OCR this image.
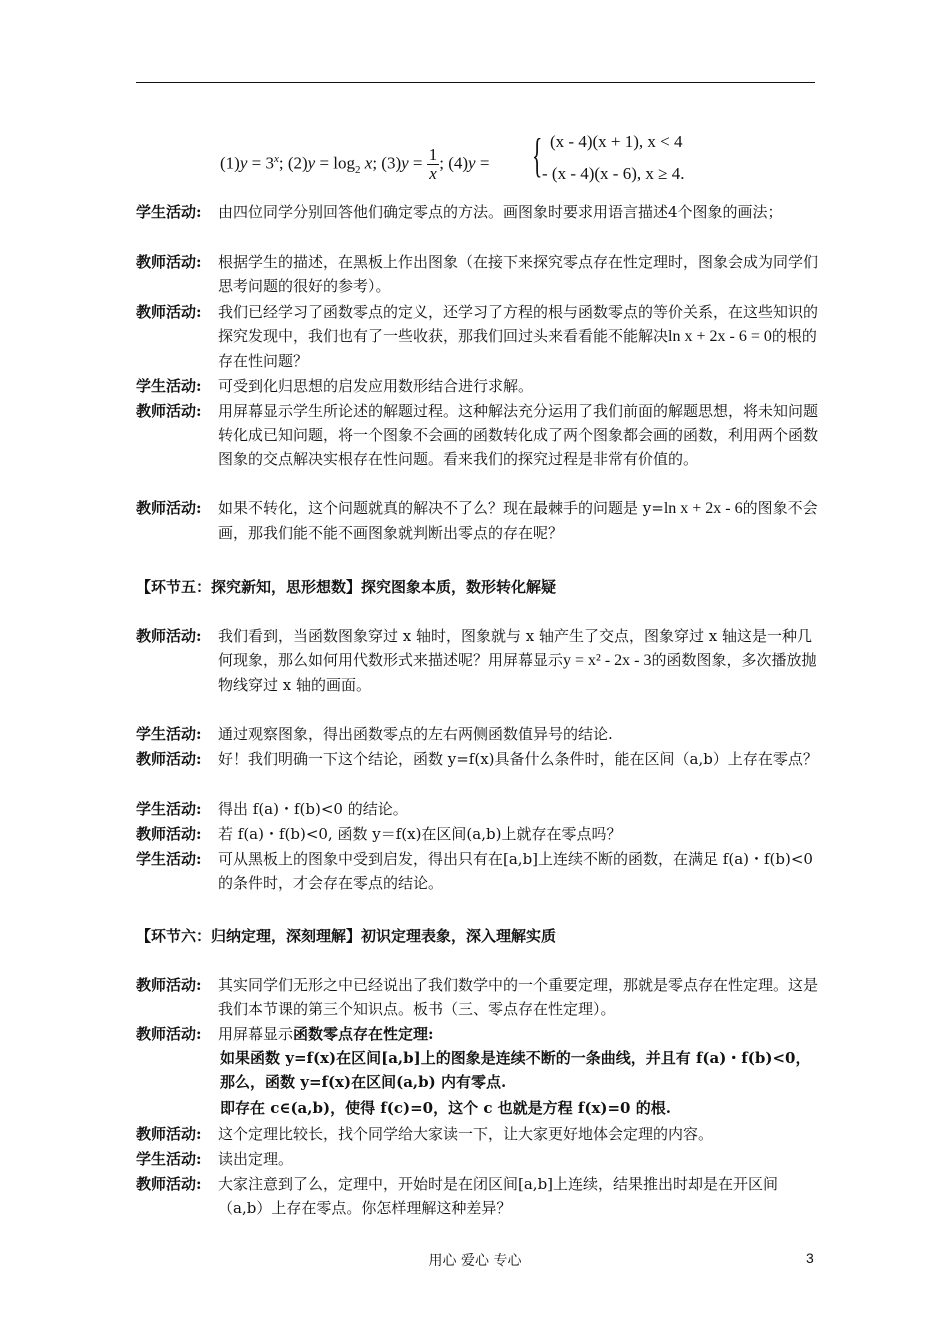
$(1)y = 3^x$; $(2)y = \log_2 x$; $(3)y = \frac{1}{x}$ ; (4)y = { (x - 4)(x + 1), x < 4
- (x - 4)(x - 6), x ≥ 4.
学生活动: 由四位同学分别回答他们确定零点的方法。画图象时要求用语言描述4个图象的画法；
教师活动: 根据学生的描述，在黑板上作出图象（在接下来探究零点存在性定理时，图象会成为同学们思考问题的很好的参考）。
教师活动: 我们已经学习了函数零点的定义，还学习了方程的根与函数零点的等价关系，在这些知识的探究发现中，我们也有了一些收获，那我们回过头来看看能不能解决ln x + 2x - 6 = 0的根的存在性问题？
学生活动: 可受到化归思想的启发应用数形结合进行求解。
教师活动: 用屏幕显示学生所论述的解题过程。这种解法充分运用了我们前面的解题思想，将未知问题转化成已知问题，将一个图象不会画的函数转化成了两个图象都会画的函数，利用两个函数图象的交点解决实根存在性问题。看来我们的探究过程是非常有价值的。
教师活动: 如果不转化，这个问题就真的解决不了么？现在最棘手的问题是 y=ln x + 2x - 6的图象不会画，那我们能不能不画图象就判断出零点的存在呢？
【环节五：探究新知，思形想数】探究图象本质，数形转化解疑
教师活动: 我们看到，当函数图象穿过 x 轴时，图象就与 x 轴产生了交点，图象穿过 x 轴这是一种几何现象，那么如何用代数形式来描述呢？用屏幕显示y = x² - 2x - 3的函数图象，多次播放抛物线穿过 x 轴的画面。
学生活动: 通过观察图象，得出函数零点的左右两侧函数值异号的结论.
教师活动: 好！我们明确一下这个结论，函数 y=f(x)具备什么条件时，能在区间（a,b）上存在零点？
学生活动: 得出 f(a)・f(b)<0 的结论。
教师活动: 若 f(a)・f(b)<0, 函数 y＝f(x)在区间(a,b)上就存在零点吗？
学生活动: 可从黑板上的图象中受到启发，得出只有在[a,b]上连续不断的函数，在满足 f(a)・f(b)<0 的条件时，才会存在零点的结论。
【环节六：归纳定理，深刻理解】初识定理表象，深入理解实质
教师活动: 其实同学们无形之中已经说出了我们数学中的一个重要定理，那就是零点存在性定理。这是我们本节课的第三个知识点。板书（三、零点存在性定理）。
教师活动: 用屏幕显示函数零点存在性定理:
如果函数 y=f(x)在区间[a,b]上的图象是连续不断的一条曲线，并且有 f(a)・f(b)<0，那么，函数 y=f(x)在区间(a,b) 内有零点.
即存在 c∈(a,b)，使得 f(c)=0，这个 c 也就是方程 f(x)=0 的根.
教师活动: 这个定理比较长，找个同学给大家读一下，让大家更好地体会定理的内容。
学生活动: 读出定理。
教师活动: 大家注意到了么，定理中，开始时是在闭区间[a,b]上连续，结果推出时却是在开区间（a,b）上存在零点。你怎样理解这种差异？
用心 爱心 专心	3
